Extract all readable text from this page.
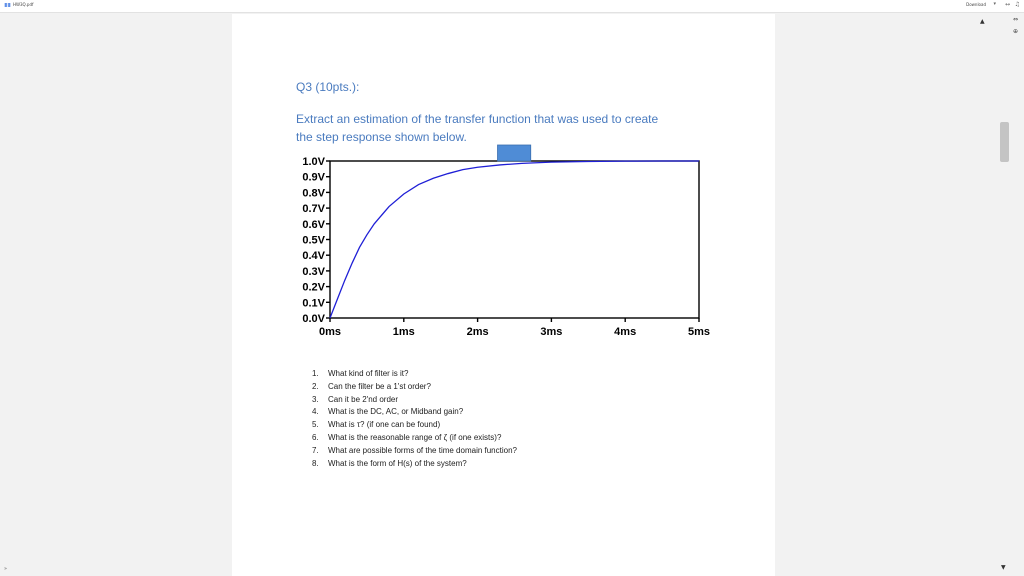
HW3Q.pdf	Download ▾ ↔ ♫
▲	⇔
⊕
▼
»
Q3 (10pts.):
Extract an estimation of the transfer function that was used to create
the step response shown below.
0.0V
0.1V
0.2V
0.3V
0.4V
0.5V
0.6V
0.7V
0.8V
0.9V
1.0V
0ms	1ms	2ms	3ms	4ms	5ms
1. What kind of filter is it?
2. Can the filter be a 1'st order?
3. Can it be 2'nd order
4. What is the DC, AC, or Midband gain?
5. What is τ? (if one can be found)
6. What is the reasonable range of ζ (if one exists)?
7. What are possible forms of the time domain function?
8. What is the form of H(s) of the system?
